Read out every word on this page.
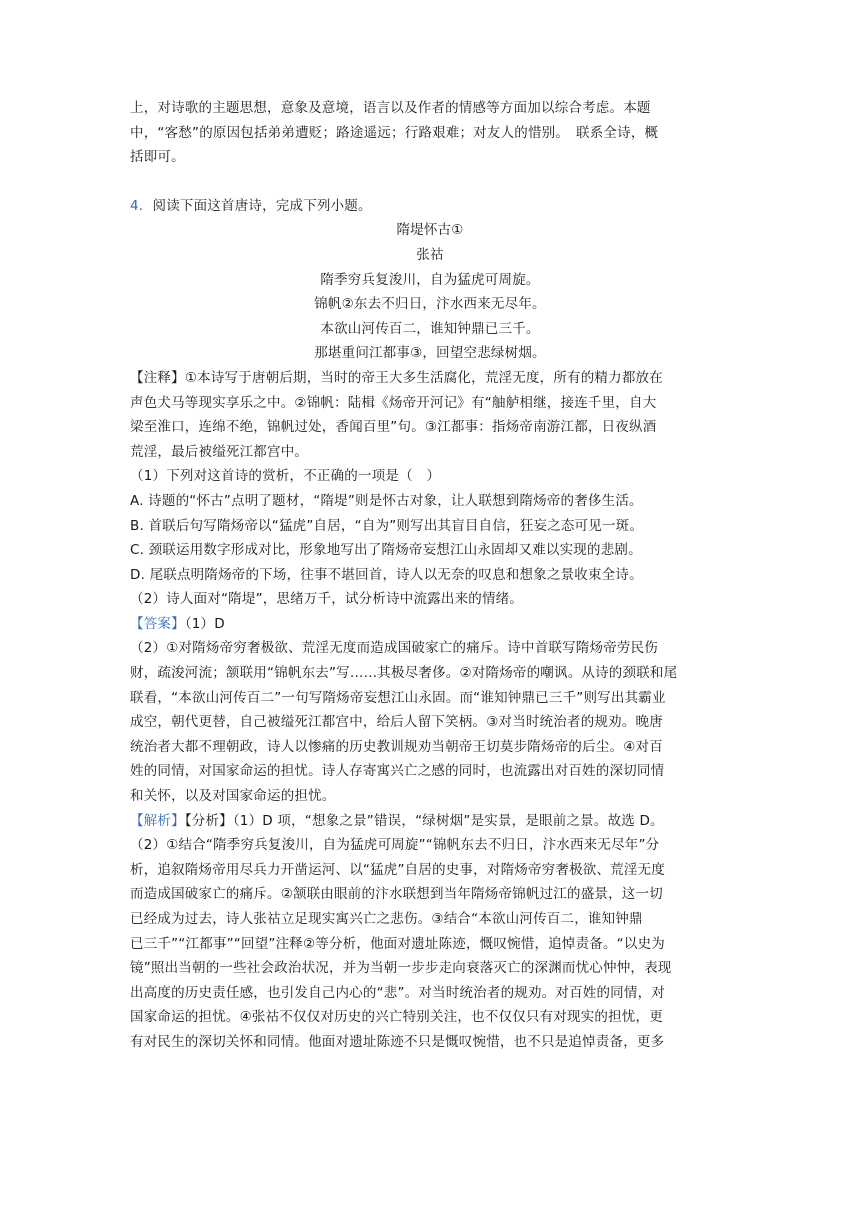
上，对诗歌的主题思想，意象及意境，语言以及作者的情感等方面加以综合考虑。本题

中，“客愁”的原因包括弟弟遭贬；路途遥远；行路艰难；对友人的惜别。　联系全诗，概

括即可。

4．阅读下面这首唐诗，完成下列小题。

隋堤怀古①

张祜

隋季穷兵复浚川，自为猛虎可周旋。

锦帆②东去不归日，汴水西来无尽年。

本欲山河传百二，谁知钟鼎已三千。

那堪重问江都事③，回望空悲绿树烟。

【注释】①本诗写于唐朝后期，当时的帝王大多生活腐化，荒淫无度，所有的精力都放在

声色犬马等现实享乐之中。②锦帆：陆楫《炀帝开河记》有“舳舻相继，接连千里，自大

梁至淮口，连绵不绝，锦帆过处，香闻百里”句。③江都事：指炀帝南游江都，日夜纵酒

荒淫，最后被缢死江都宫中。

（1）下列对这首诗的赏析，不正确的一项是（　）

A. 诗题的“怀古”点明了题材，“隋堤”则是怀古对象，让人联想到隋炀帝的奢侈生活。

B. 首联后句写隋炀帝以“猛虎”自居，“自为”则写出其盲目自信，狂妄之态可见一斑。

C. 颈联运用数字形成对比，形象地写出了隋炀帝妄想江山永固却又难以实现的悲剧。

D. 尾联点明隋炀帝的下场，往事不堪回首，诗人以无奈的叹息和想象之景收束全诗。

（2）诗人面对“隋堤”，思绪万千，试分析诗中流露出来的情绪。

【答案】（1）D

（2）①对隋炀帝穷奢极欲、荒淫无度而造成国破家亡的痛斥。诗中首联写隋炀帝劳民伤

财，疏浚河流；颔联用“锦帆东去”写……其极尽奢侈。②对隋炀帝的嘲讽。从诗的颈联和尾

联看，“本欲山河传百二”一句写隋炀帝妄想江山永固。而“谁知钟鼎已三千”则写出其霸业

成空，朝代更替，自己被缢死江都宫中，给后人留下笑柄。③对当时统治者的规劝。晚唐

统治者大都不理朝政，诗人以惨痛的历史教训规劝当朝帝王切莫步隋炀帝的后尘。④对百

姓的同情，对国家命运的担忧。诗人存寄寓兴亡之感的同时，也流露出对百姓的深切同情

和关怀，以及对国家命运的担忧。

【解析】【分析】（1）D 项，“想象之景”错误，“绿树烟”是实景，是眼前之景。故选 D。

（2）①结合“隋季穷兵复浚川，自为猛虎可周旋”“锦帆东去不归日，汴水西来无尽年”分

析，追叙隋炀帝用尽兵力开凿运河、以“猛虎”自居的史事，对隋炀帝穷奢极欲、荒淫无度

而造成国破家亡的痛斥。②颔联由眼前的汴水联想到当年隋炀帝锦帆过江的盛景，这一切

已经成为过去，诗人张祜立足现实寓兴亡之悲伤。③结合“本欲山河传百二，谁知钟鼎

已三千”“江都事”“回望”注释②等分析，他面对遗址陈迹，慨叹惋惜，追悼责备。“以史为

镜”照出当朝的一些社会政治状况，并为当朝一步步走向衰落灭亡的深渊而忧心忡忡，表现

出高度的历史责任感，也引发自己内心的“悲”。对当时统治者的规劝。对百姓的同情，对

国家命运的担忧。④张祜不仅仅对历史的兴亡特别关注，也不仅仅只有对现实的担忧，更

有对民生的深切关怀和同情。他面对遗址陈迹不只是慨叹惋惜，也不只是追悼责备，更多
